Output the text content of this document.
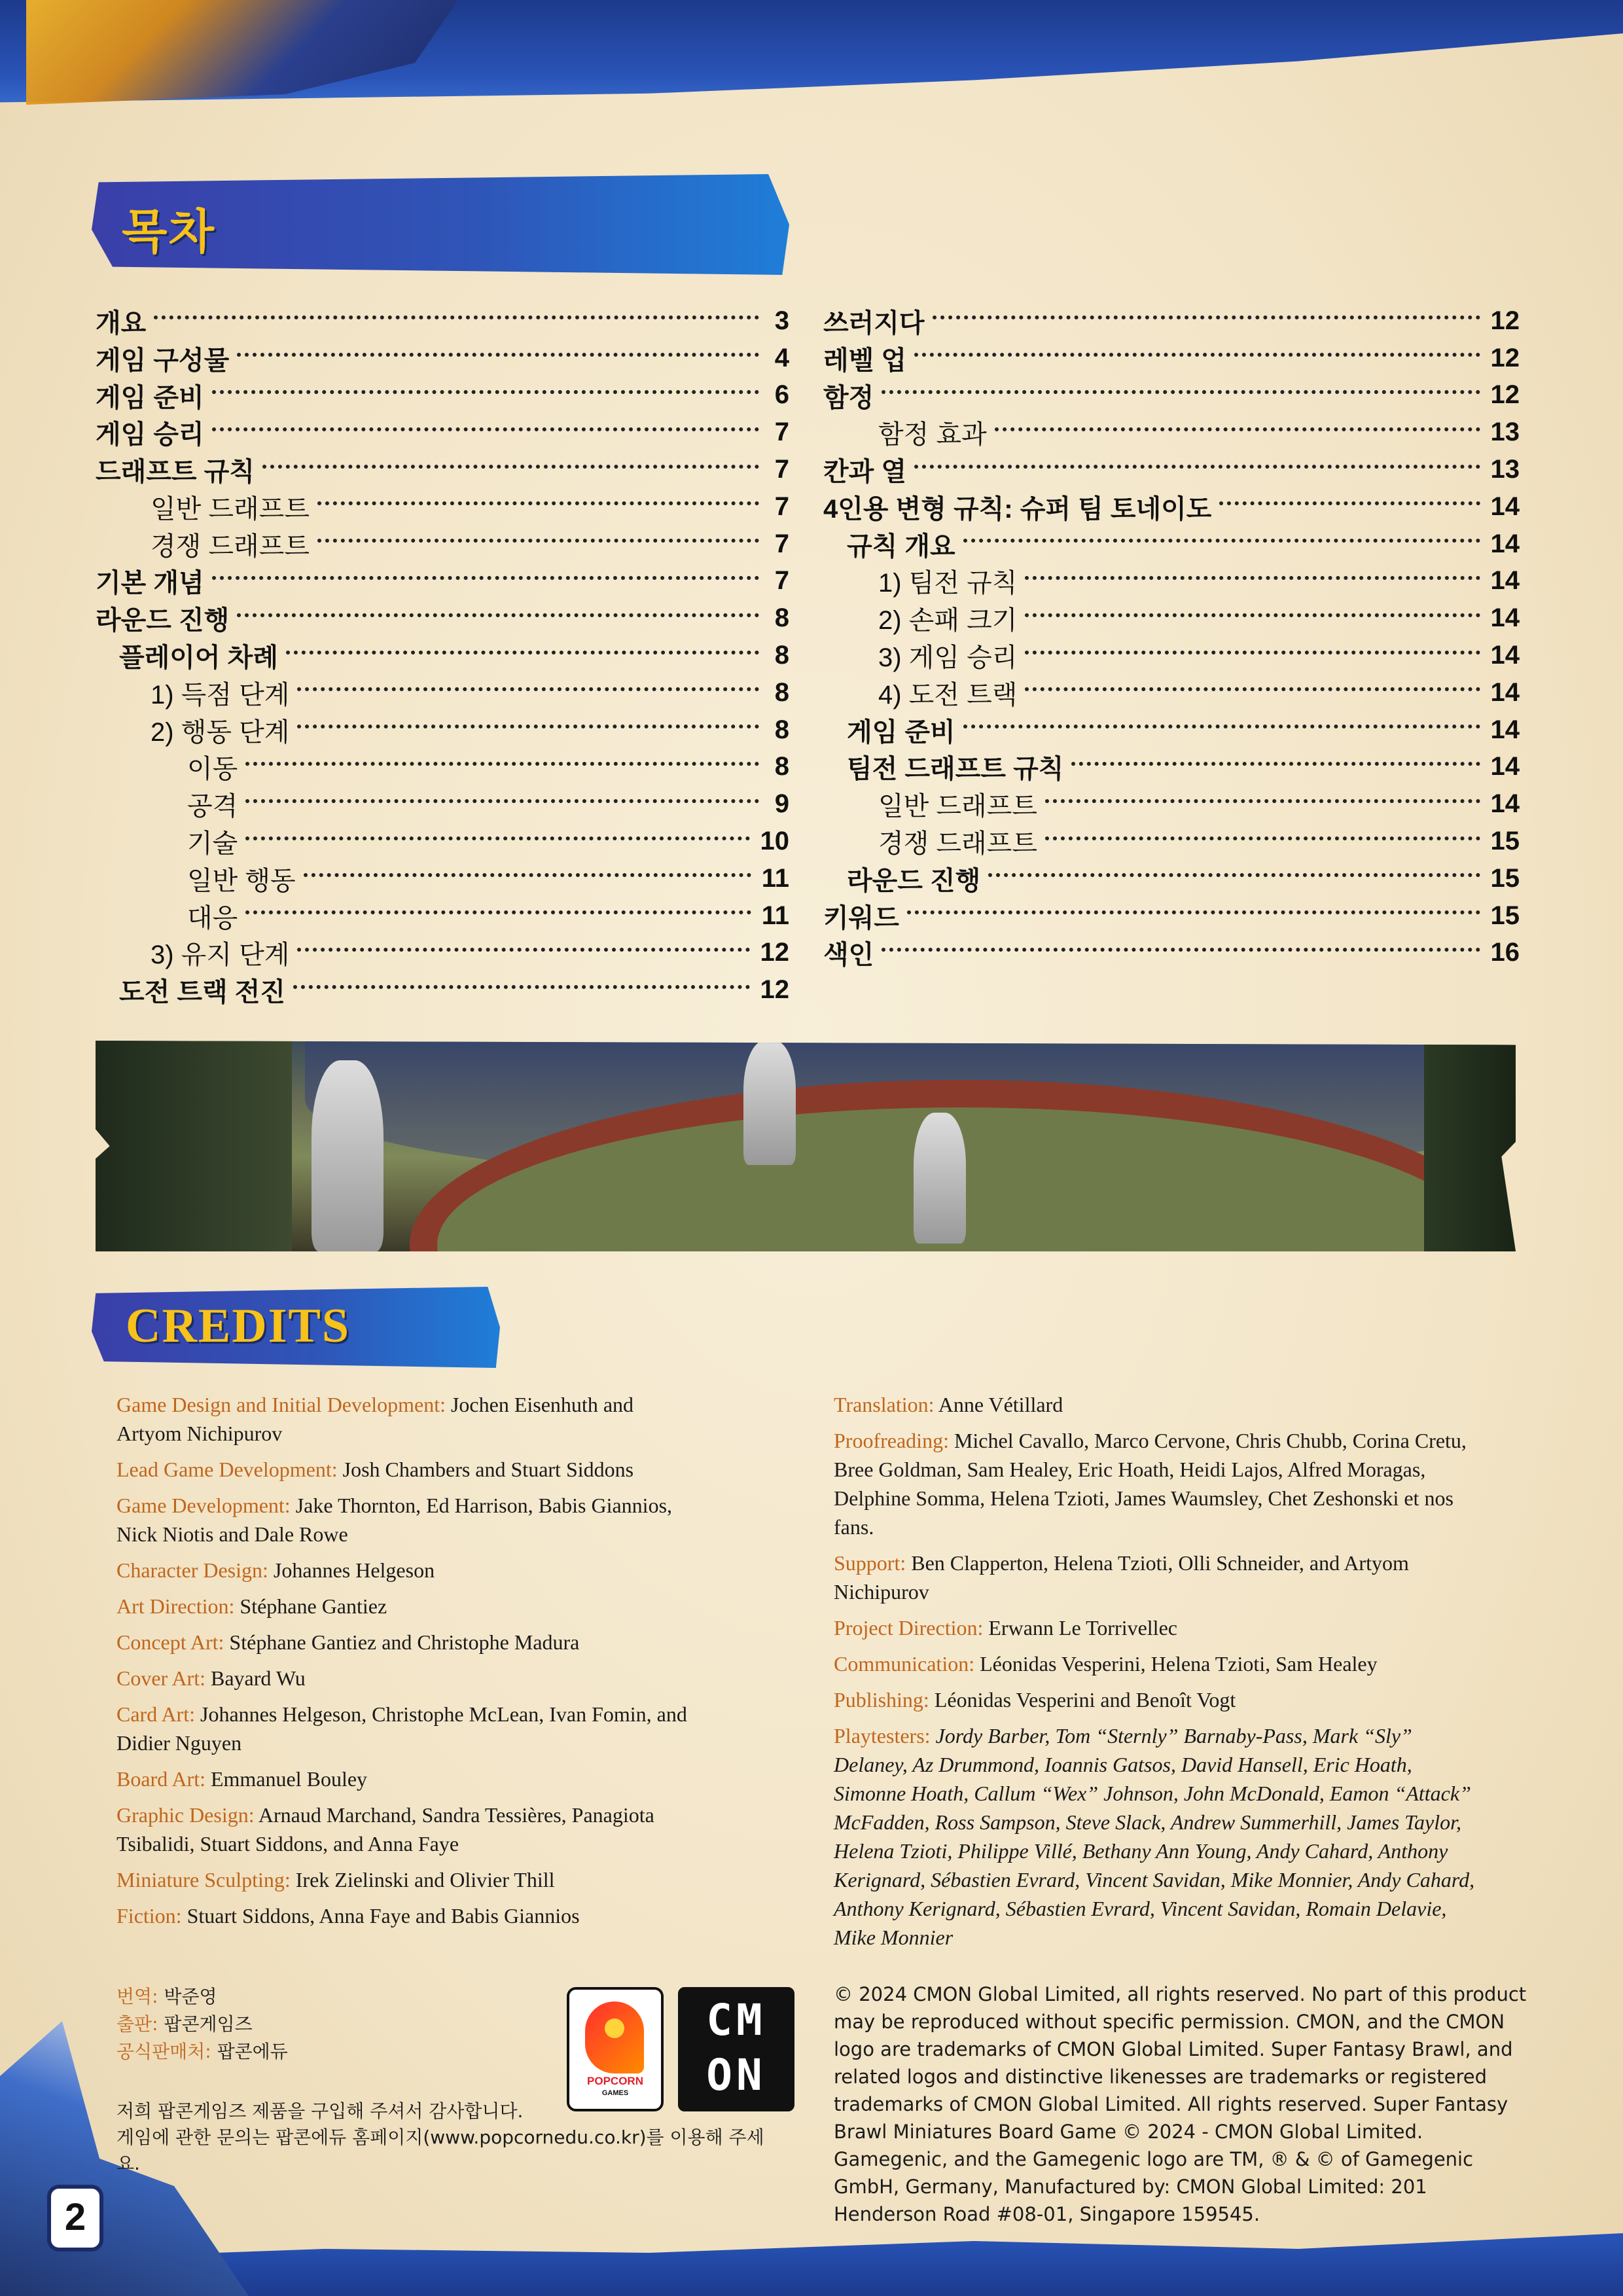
목차
개요	3
게임 구성물	4
게임 준비	6
게임 승리	7
드래프트 규칙	7
일반 드래프트	7
경쟁 드래프트	7
기본 개념	7
라운드 진행	8
플레이어 차례	8
1) 득점 단계	8
2) 행동 단계	8
이동	8
공격	9
기술	10
일반 행동	11
대응	11
3) 유지 단계	12
도전 트랙 전진	12
쓰러지다	12
레벨 업	12
함정	12
함정 효과	13
칸과 열	13
4인용 변형 규칙: 슈퍼 팀 토네이도	14
규칙 개요	14
1) 팀전 규칙	14
2) 손패 크기	14
3) 게임 승리	14
4) 도전 트랙	14
게임 준비	14
팀전 드래프트 규칙	14
일반 드래프트	14
경쟁 드래프트	15
라운드 진행	15
키워드	15
색인	16
CREDITS

Game Design and Initial Development: Jochen Eisenhuth and Artyom Nichipurov

Lead Game Development: Josh Chambers and Stuart Siddons

Game Development: Jake Thornton, Ed Harrison, Babis Giannios, Nick Niotis and Dale Rowe

Character Design: Johannes Helgeson

Art Direction: Stéphane Gantiez

Concept Art: Stéphane Gantiez and Christophe Madura

Cover Art: Bayard Wu

Card Art: Johannes Helgeson, Christophe McLean, Ivan Fomin, and Didier Nguyen

Board Art: Emmanuel Bouley

Graphic Design: Arnaud Marchand, Sandra Tessières, Panagiota Tsibalidi, Stuart Siddons, and Anna Faye

Miniature Sculpting: Irek Zielinski and Olivier Thill

Fiction: Stuart Siddons, Anna Faye and Babis Giannios

Translation: Anne Vétillard

Proofreading: Michel Cavallo, Marco Cervone, Chris Chubb, Corina Cretu, Bree Goldman, Sam Healey, Eric Hoath, Heidi Lajos, Alfred Moragas, Delphine Somma, Helena Tzioti, James Waumsley, Chet Zeshonski et nos fans.

Support: Ben Clapperton, Helena Tzioti, Olli Schneider, and Artyom Nichipurov

Project Direction: Erwann Le Torrivellec

Communication: Léonidas Vesperini, Helena Tzioti, Sam Healey

Publishing: Léonidas Vesperini and Benoît Vogt

Playtesters: Jordy Barber, Tom “Sternly” Barnaby-Pass, Mark “Sly” Delaney, Az Drummond, Ioannis Gatsos, David Hansell, Eric Hoath, Simonne Hoath, Callum “Wex” Johnson, John McDonald, Eamon “Attack” McFadden, Ross Sampson, Steve Slack, Andrew Summerhill, James Taylor, Helena Tzioti, Philippe Villé, Bethany Ann Young, Andy Cahard, Anthony Kerignard, Sébastien Evrard, Vincent Savidan, Mike Monnier, Andy Cahard, Anthony Kerignard, Sébastien Evrard, Vincent Savidan, Romain Delavie, Mike Monnier

번역: 박준영
출판: 팝콘게임즈
공식판매처: 팝콘에듀
저희 팝콘게임즈 제품을 구입해 주셔서 감사합니다.
게임에 관한 문의는 팝콘에듀 홈페이지(www.popcornedu.co.kr)를 이용해 주세요.
POPCORN
GAMES
CM
ON
© 2024 CMON Global Limited, all rights reserved. No part of this product may be reproduced without specific permission. CMON, and the CMON logo are trademarks of CMON Global Limited. Super Fantasy Brawl, and related logos and distinctive likenesses are trademarks or registered trademarks of CMON Global Limited. All rights reserved. Super Fantasy Brawl Miniatures Board Game © 2024 - CMON Global Limited. Gamegenic, and the Gamegenic logo are TM, ® & © of Gamegenic GmbH, Germany, Manufactured by: CMON Global Limited: 201 Henderson Road #08-01, Singapore 159545.
2
